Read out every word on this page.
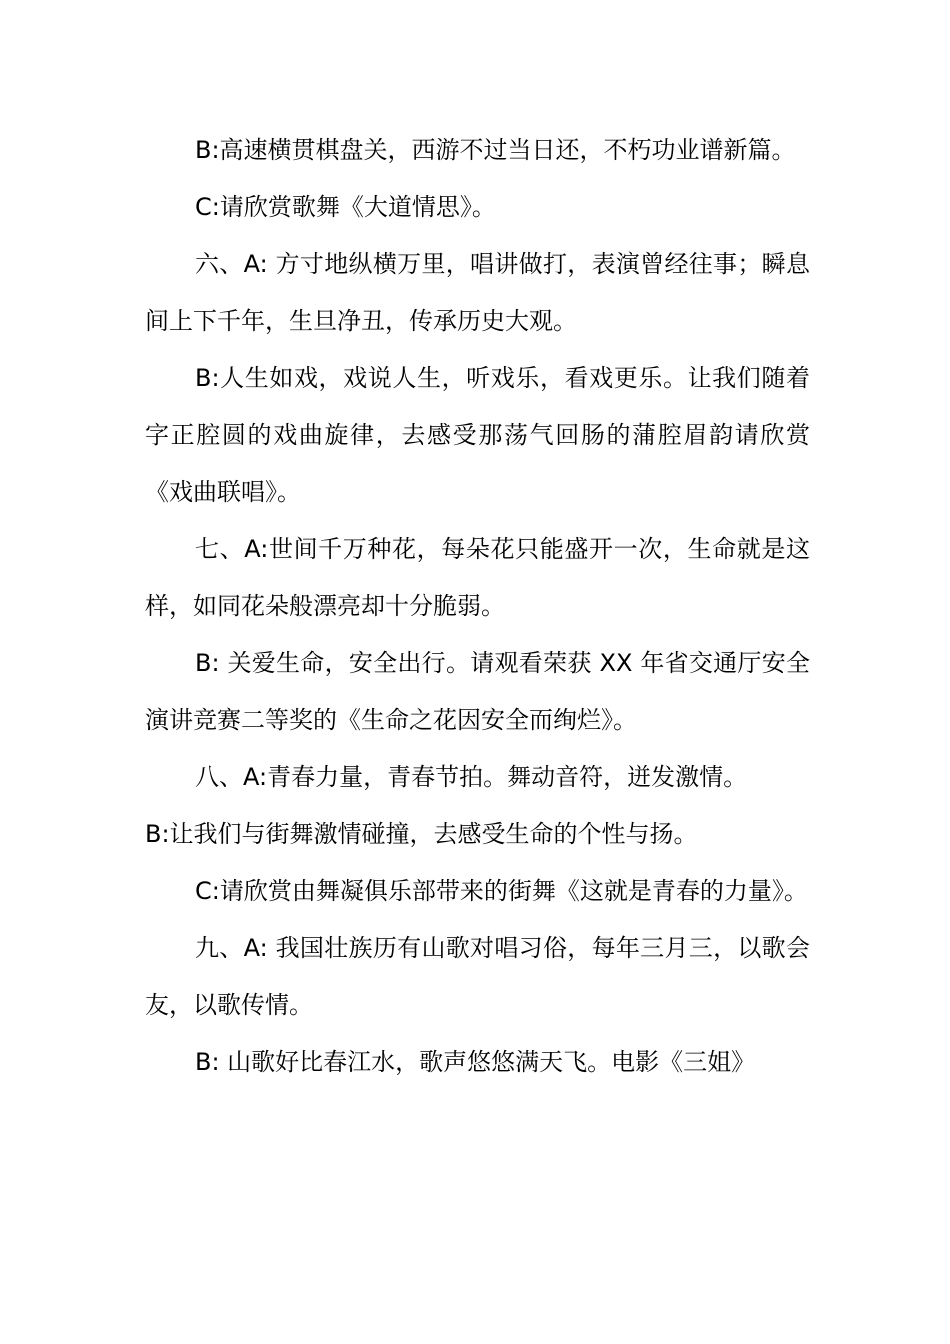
B:高速横贯棋盘关，西游不过当日还，不朽功业谱新篇。

C:请欣赏歌舞《大道情思》。

六、A: 方寸地纵横万里，唱讲做打，表演曾经往事；瞬息间上下千年，生旦净丑，传承历史大观。

B:人生如戏，戏说人生，听戏乐，看戏更乐。让我们随着字正腔圆的戏曲旋律，去感受那荡气回肠的蒲腔眉韵请欣赏《戏曲联唱》。

七、A:世间千万种花，每朵花只能盛开一次，生命就是这样，如同花朵般漂亮却十分脆弱。

B: 关爱生命，安全出行。请观看荣获 XX 年省交通厅安全演讲竞赛二等奖的《生命之花因安全而绚烂》。

八、A:青春力量，青春节拍。舞动音符，迸发激情。

B:让我们与街舞激情碰撞，去感受生命的个性与扬。

C:请欣赏由舞凝俱乐部带来的街舞《这就是青春的力量》。

九、A: 我国壮族历有山歌对唱习俗，每年三月三，以歌会友，以歌传情。

B: 山歌好比春江水，歌声悠悠满天飞。电影《三姐》
